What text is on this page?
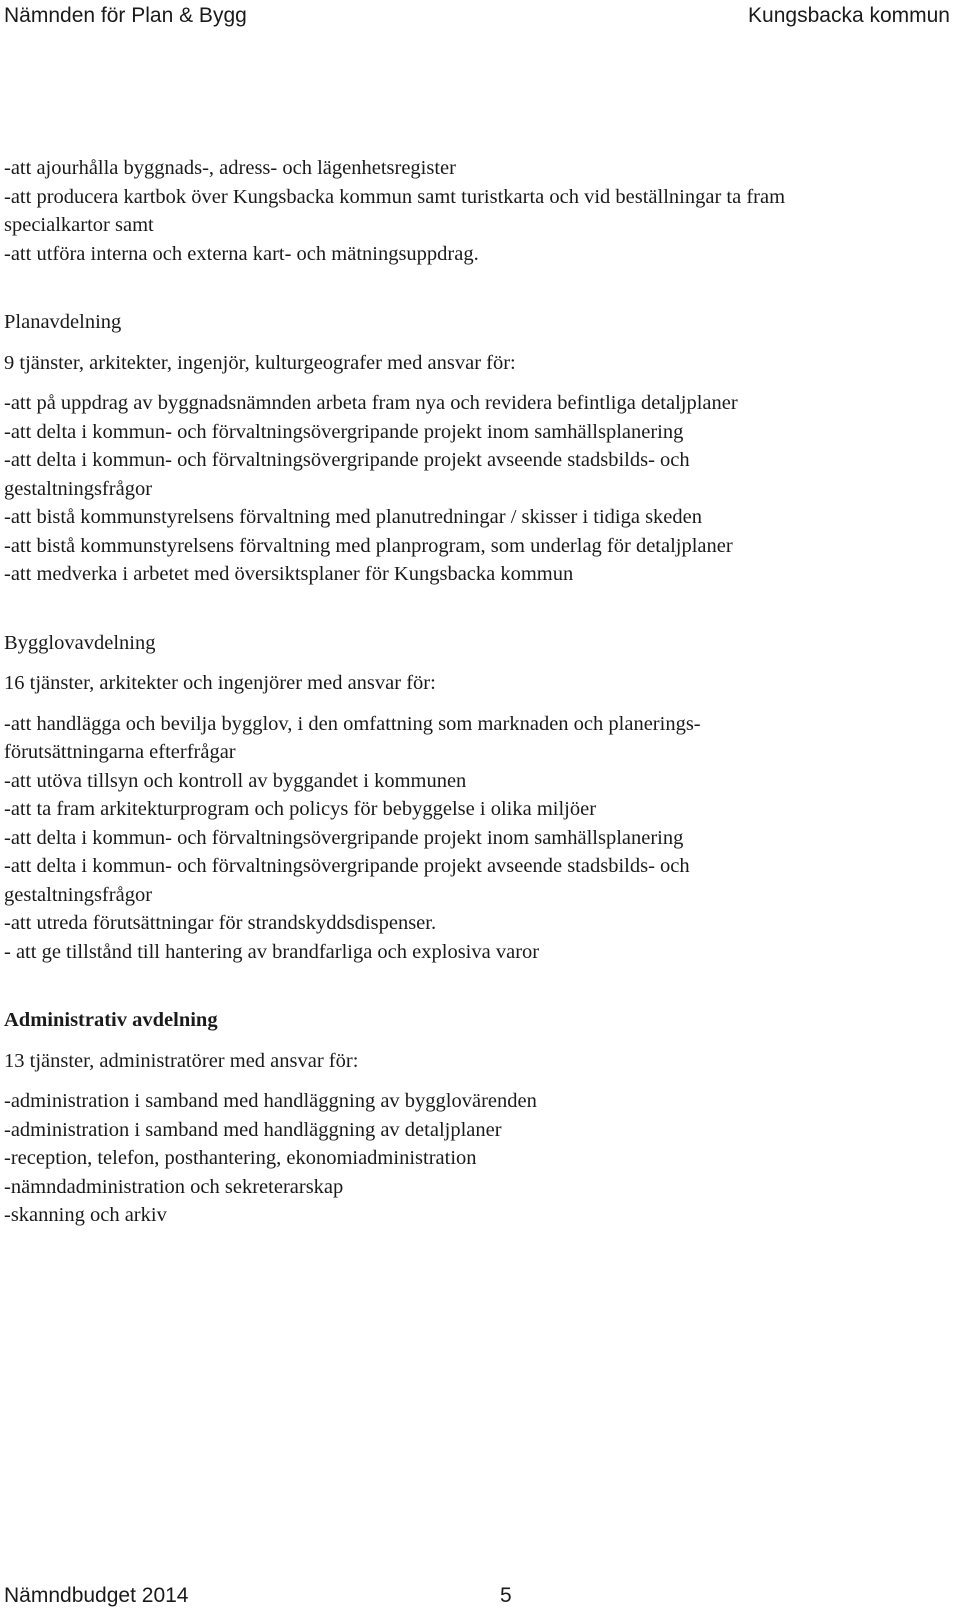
Nämnden för Plan & Bygg	Kungsbacka kommun

-att ajourhålla byggnads-, adress- och lägenhetsregister

-att producera kartbok över Kungsbacka kommun samt turistkarta och vid beställningar ta fram

specialkartor samt

-att utföra interna och externa kart- och mätningsuppdrag.

Planavdelning

9 tjänster, arkitekter, ingenjör, kulturgeografer med ansvar för:

-att på uppdrag av byggnadsnämnden arbeta fram nya och revidera befintliga detaljplaner

-att delta i kommun- och förvaltningsövergripande projekt inom samhällsplanering

-att delta i kommun- och förvaltningsövergripande projekt avseende stadsbilds- och

gestaltningsfrågor

-att bistå kommunstyrelsens förvaltning med planutredningar / skisser i tidiga skeden

-att bistå kommunstyrelsens förvaltning med planprogram, som underlag för detaljplaner

-att medverka i arbetet med översiktsplaner för Kungsbacka kommun

Bygglovavdelning

16 tjänster, arkitekter och ingenjörer med ansvar för:

-att handlägga och bevilja bygglov, i den omfattning som marknaden och planerings-

förutsättningarna efterfrågar

-att utöva tillsyn och kontroll av byggandet i kommunen

-att ta fram arkitekturprogram och policys för bebyggelse i olika miljöer

-att delta i kommun- och förvaltningsövergripande projekt inom samhällsplanering

-att delta i kommun- och förvaltningsövergripande projekt avseende stadsbilds- och

gestaltningsfrågor

-att utreda förutsättningar för strandskyddsdispenser.

- att ge tillstånd till hantering av brandfarliga och explosiva varor

Administrativ avdelning

13 tjänster, administratörer med ansvar för:

-administration i samband med handläggning av bygglovärenden

-administration i samband med handläggning av detaljplaner

-reception, telefon, posthantering, ekonomiadministration

-nämndadministration och sekreterarskap

-skanning och arkiv

Nämndbudget 2014	5
